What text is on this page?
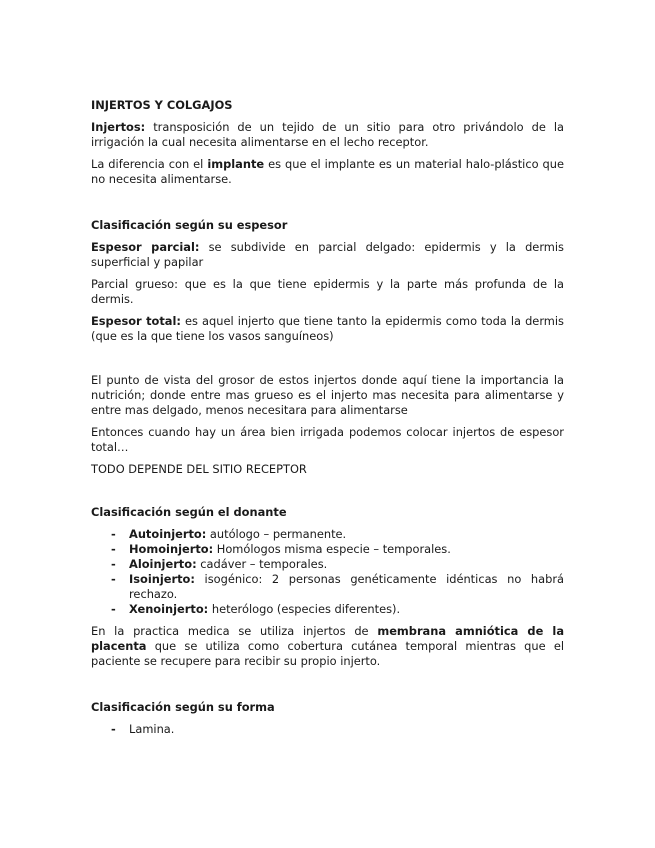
INJERTOS Y COLGAJOS

Injertos: transposición de un tejido de un sitio para otro privándolo de la irrigación la cual necesita alimentarse en el lecho receptor.

La diferencia con el implante es que el implante es un material halo-plástico que no necesita alimentarse.

Clasificación según su espesor

Espesor parcial: se subdivide en parcial delgado: epidermis y la dermis superficial y papilar

Parcial grueso: que es la que tiene epidermis y la parte más profunda de la dermis.

Espesor total: es aquel injerto que tiene tanto la epidermis como toda la dermis (que es la que tiene los vasos sanguíneos)

El punto de vista del grosor de estos injertos donde aquí tiene la importancia la nutrición; donde entre mas grueso es el injerto mas necesita para alimentarse y entre mas delgado, menos necesitara para alimentarse

Entonces cuando hay un área bien irrigada podemos colocar injertos de espesor total…

TODO DEPENDE DEL SITIO RECEPTOR

Clasificación según el donante
- Autoinjerto: autólogo – permanente.
- Homoinjerto: Homólogos misma especie – temporales.
- Aloinjerto: cadáver – temporales.
- Isoinjerto: isogénico: 2 personas genéticamente idénticas no habrá rechazo.
- Xenoinjerto: heterólogo (especies diferentes).

En la practica medica se utiliza injertos de membrana amniótica de la placenta que se utiliza como cobertura cutánea temporal mientras que el paciente se recupere para recibir su propio injerto.

Clasificación según su forma
- Lamina.
